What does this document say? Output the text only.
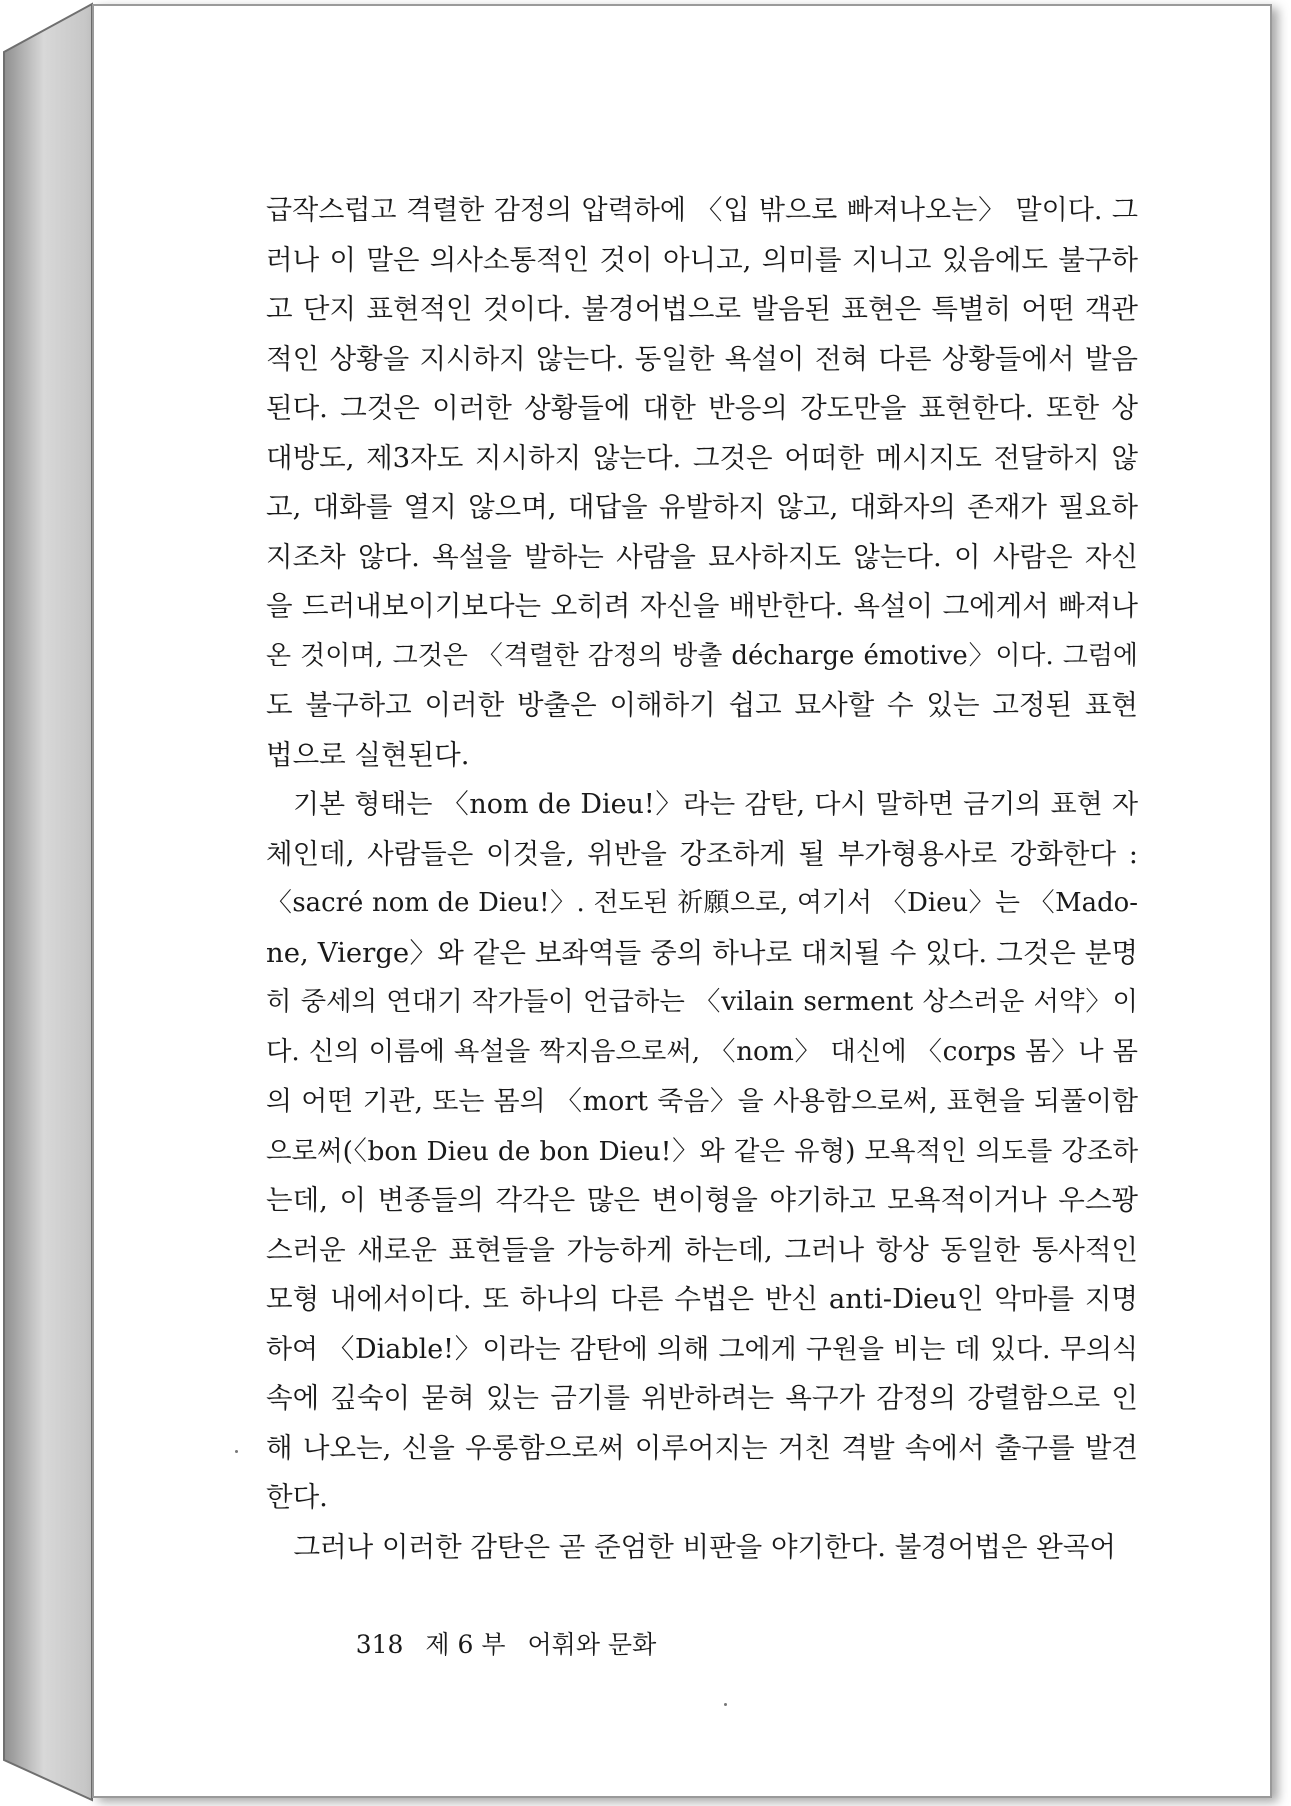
급작스럽고 격렬한 감정의 압력하에 〈입 밖으로 빠져나오는〉 말이다. 그
러나 이 말은 의사소통적인 것이 아니고, 의미를 지니고 있음에도 불구하
고 단지 표현적인 것이다. 불경어법으로 발음된 표현은 특별히 어떤 객관
적인 상황을 지시하지 않는다. 동일한 욕설이 전혀 다른 상황들에서 발음
된다. 그것은 이러한 상황들에 대한 반응의 강도만을 표현한다. 또한 상
대방도, 제3자도 지시하지 않는다. 그것은 어떠한 메시지도 전달하지 않
고, 대화를 열지 않으며, 대답을 유발하지 않고, 대화자의 존재가 필요하
지조차 않다. 욕설을 발하는 사람을 묘사하지도 않는다. 이 사람은 자신
을 드러내보이기보다는 오히려 자신을 배반한다. 욕설이 그에게서 빠져나
온 것이며, 그것은 〈격렬한 감정의 방출 décharge émotive〉이다. 그럼에
도 불구하고 이러한 방출은 이해하기 쉽고 묘사할 수 있는 고정된 표현
법으로 실현된다.
기본 형태는 〈nom de Dieu!〉라는 감탄, 다시 말하면 금기의 표현 자
체인데, 사람들은 이것을, 위반을 강조하게 될 부가형용사로 강화한다 :
〈sacré nom de Dieu!〉. 전도된 祈願으로, 여기서 〈Dieu〉는 〈Mado-
ne, Vierge〉와 같은 보좌역들 중의 하나로 대치될 수 있다. 그것은 분명
히 중세의 연대기 작가들이 언급하는 〈vilain serment 상스러운 서약〉이
다. 신의 이름에 욕설을 짝지음으로써, 〈nom〉 대신에 〈corps 몸〉나 몸
의 어떤 기관, 또는 몸의 〈mort 죽음〉을 사용함으로써, 표현을 되풀이함
으로써(〈bon Dieu de bon Dieu!〉와 같은 유형) 모욕적인 의도를 강조하
는데, 이 변종들의 각각은 많은 변이형을 야기하고 모욕적이거나 우스꽝
스러운 새로운 표현들을 가능하게 하는데, 그러나 항상 동일한 통사적인
모형 내에서이다. 또 하나의 다른 수법은 반신 anti-Dieu인 악마를 지명
하여 〈Diable!〉이라는 감탄에 의해 그에게 구원을 비는 데 있다. 무의식
속에 깊숙이 묻혀 있는 금기를 위반하려는 욕구가 감정의 강렬함으로 인
해 나오는, 신을 우롱함으로써 이루어지는 거친 격발 속에서 출구를 발견
한다.
그러나 이러한 감탄은 곧 준엄한 비판을 야기한다. 불경어법은 완곡어

318 제 6 부 어휘와 문화
